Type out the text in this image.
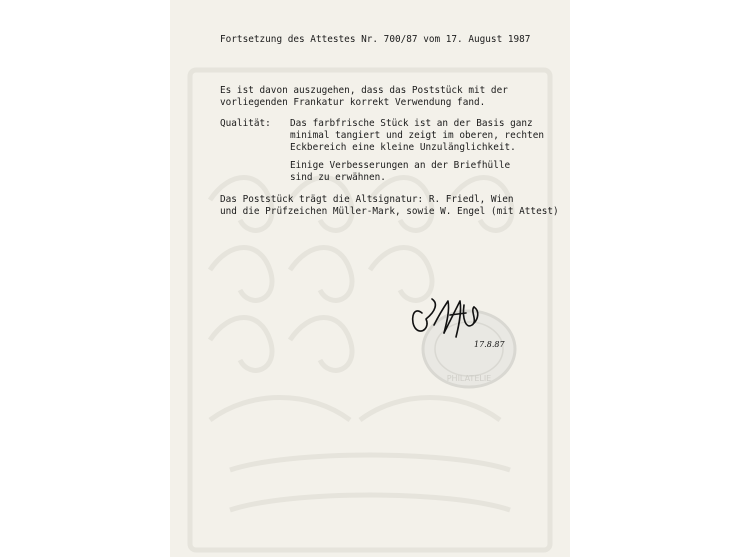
Fortsetzung des Attestes Nr. 700/87 vom 17. August 1987
Es ist davon auszugehen, dass das Poststück mit der
vorliegenden Frankatur korrekt Verwendung fand.
Qualität: Das farbfrische Stück ist an der Basis ganz
minimal tangiert und zeigt im oberen, rechten
Eckbereich eine kleine Unzulänglichkeit.
Einige Verbesserungen an der Briefhülle
sind zu erwähnen.
Das Poststück trägt die Altsignatur: R. Friedl, Wien
und die Prüfzeichen Müller-Mark, sowie W. Engel (mit Attest)
PHILATELIE
17.8.87
